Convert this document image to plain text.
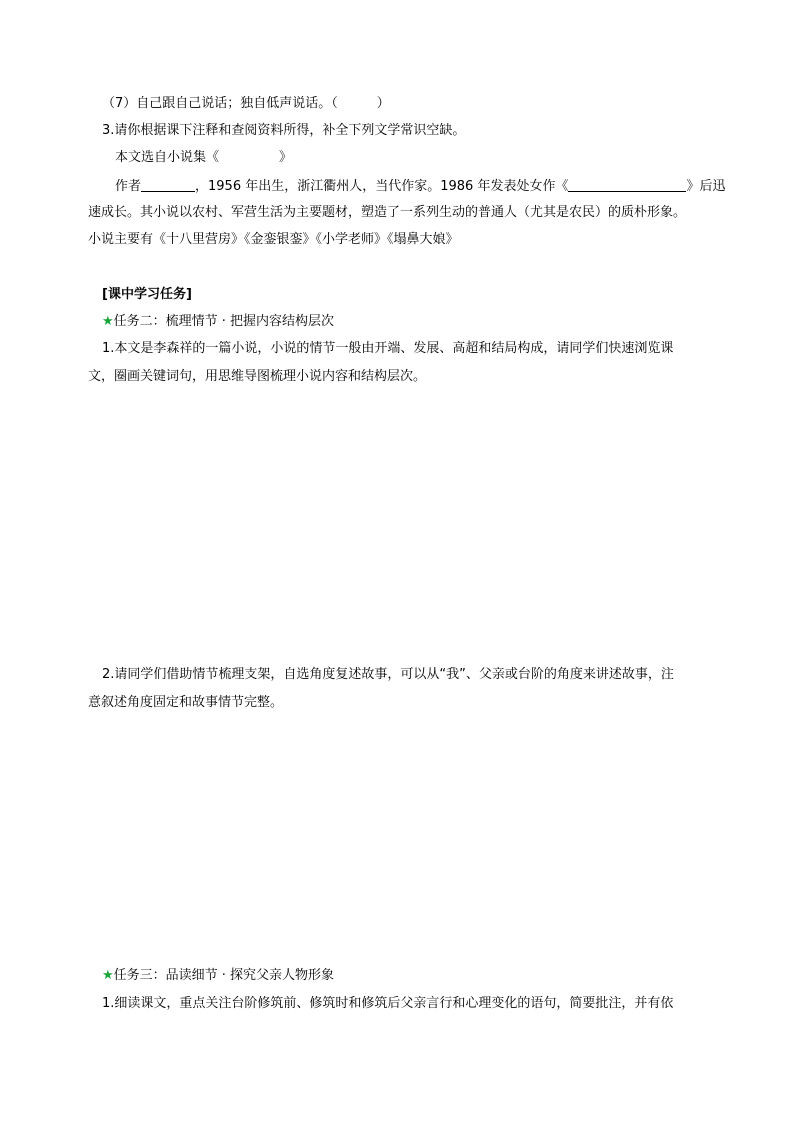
（7）自己跟自己说话；独自低声说话。（　　　）
3.请你根据课下注释和查阅资料所得，补全下列文学常识空缺。
本文选自小说集《	》
作者	，1956 年出生，浙江衢州人，当代作家。1986 年发表处女作《	》后迅
速成长。其小说以农村、军营生活为主要题材，塑造了一系列生动的普通人（尤其是农民）的质朴形象。
小说主要有《十八里营房》《金銮银銮》《小学老师》《塌鼻大娘》
[课中学习任务]
★任务二：梳理情节 · 把握内容结构层次
1.本文是李森祥的一篇小说，小说的情节一般由开端、发展、高超和结局构成，请同学们快速浏览课
文，圈画关键词句，用思维导图梳理小说内容和结构层次。
2.请同学们借助情节梳理支架，自选角度复述故事，可以从“我”、父亲或台阶的角度来讲述故事，注
意叙述角度固定和故事情节完整。
★任务三：品读细节 · 探究父亲人物形象
1.细读课文，重点关注台阶修筑前、修筑时和修筑后父亲言行和心理变化的语句，简要批注，并有依
